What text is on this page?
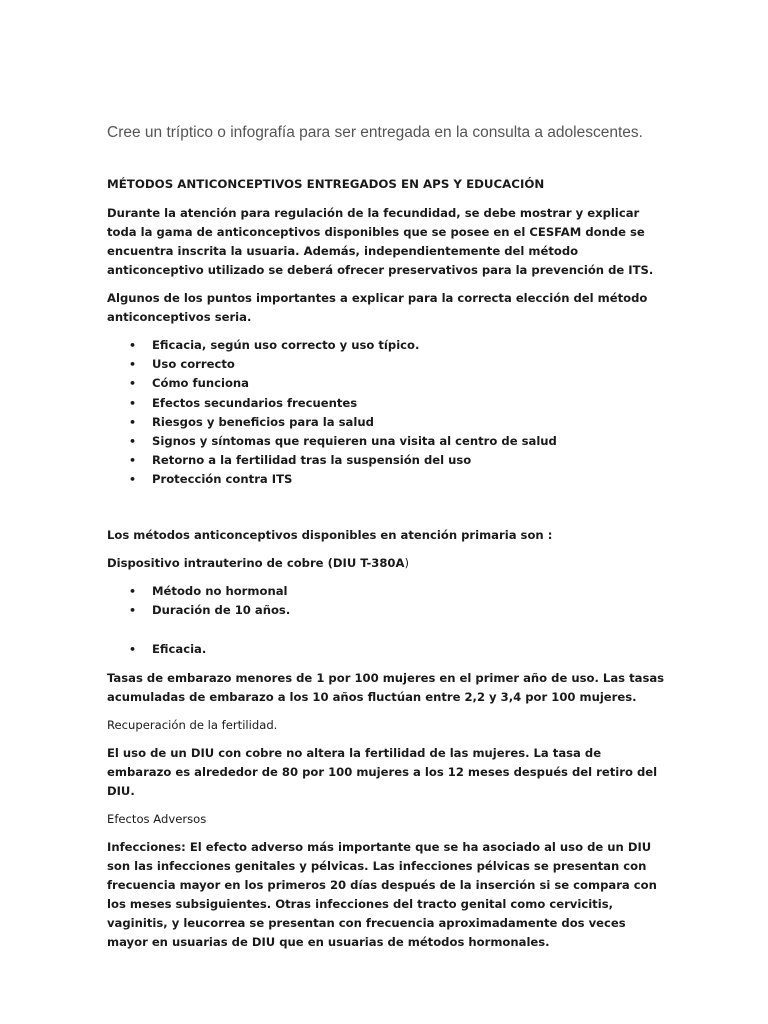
Cree un tríptico o infografía para ser entregada en la consulta a adolescentes.

MÉTODOS ANTICONCEPTIVOS ENTREGADOS EN APS Y EDUCACIÓN

Durante la atención para regulación de la fecundidad, se debe mostrar y explicar toda la gama de anticonceptivos disponibles que se posee en el CESFAM donde se encuentra inscrita la usuaria. Además, independientemente del método anticonceptivo utilizado se deberá ofrecer preservativos para la prevención de ITS.

Algunos de los puntos importantes a explicar para la correcta elección del método anticonceptivos seria.

• Eficacia, según uso correcto y uso típico.
• Uso correcto
• Cómo funciona
• Efectos secundarios frecuentes
• Riesgos y beneficios para la salud
• Signos y síntomas que requieren una visita al centro de salud
• Retorno a la fertilidad tras la suspensión del uso
• Protección contra ITS

Los métodos anticonceptivos disponibles en atención primaria son :

Dispositivo intrauterino de cobre (DIU T-380A)

• Método no hormonal
• Duración de 10 años.
• Eficacia.

Tasas de embarazo menores de 1 por 100 mujeres en el primer año de uso. Las tasas acumuladas de embarazo a los 10 años fluctúan entre 2,2 y 3,4 por 100 mujeres.

Recuperación de la fertilidad.

El uso de un DIU con cobre no altera la fertilidad de las mujeres. La tasa de embarazo es alrededor de 80 por 100 mujeres a los 12 meses después del retiro del DIU.

Efectos Adversos

Infecciones: El efecto adverso más importante que se ha asociado al uso de un DIU son las infecciones genitales y pélvicas. Las infecciones pélvicas se presentan con frecuencia mayor en los primeros 20 días después de la inserción si se compara con los meses subsiguientes. Otras infecciones del tracto genital como cervicitis, vaginitis, y leucorrea se presentan con frecuencia aproximadamente dos veces mayor en usuarias de DIU que en usuarias de métodos hormonales.
